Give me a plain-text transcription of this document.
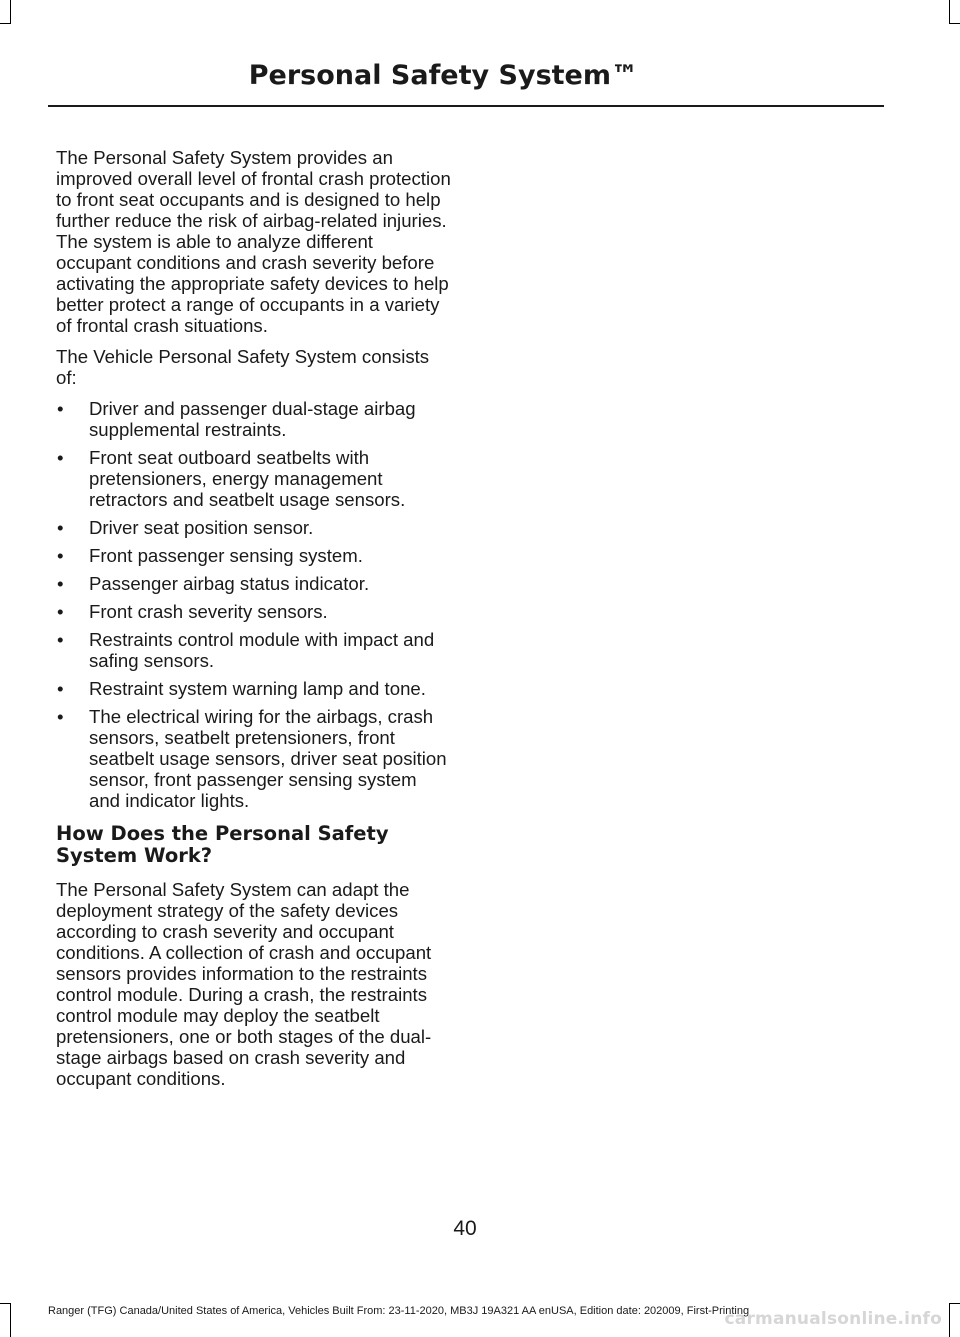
Personal Safety System™

The Personal Safety System provides an improved overall level of frontal crash protection to front seat occupants and is designed to help further reduce the risk of airbag-related injuries. The system is able to analyze different occupant conditions and crash severity before activating the appropriate safety devices to help better protect a range of occupants in a variety of frontal crash situations.

The Vehicle Personal Safety System consists of:

• Driver and passenger dual-stage airbag supplemental restraints.
• Front seat outboard seatbelts with pretensioners, energy management retractors and seatbelt usage sensors.
• Driver seat position sensor.
• Front passenger sensing system.
• Passenger airbag status indicator.
• Front crash severity sensors.
• Restraints control module with impact and safing sensors.
• Restraint system warning lamp and tone.
• The electrical wiring for the airbags, crash sensors, seatbelt pretensioners, front seatbelt usage sensors, driver seat position sensor, front passenger sensing system and indicator lights.
How Does the Personal Safety System Work?

The Personal Safety System can adapt the deployment strategy of the safety devices according to crash severity and occupant conditions. A collection of crash and occupant sensors provides information to the restraints control module. During a crash, the restraints control module may deploy the seatbelt pretensioners, one or both stages of the dual-stage airbags based on crash severity and occupant conditions.

40
Ranger (TFG) Canada/United States of America, Vehicles Built From: 23-11-2020, MB3J 19A321 AA enUSA, Edition date: 202009, First-Printing
carmanualsonline.info
